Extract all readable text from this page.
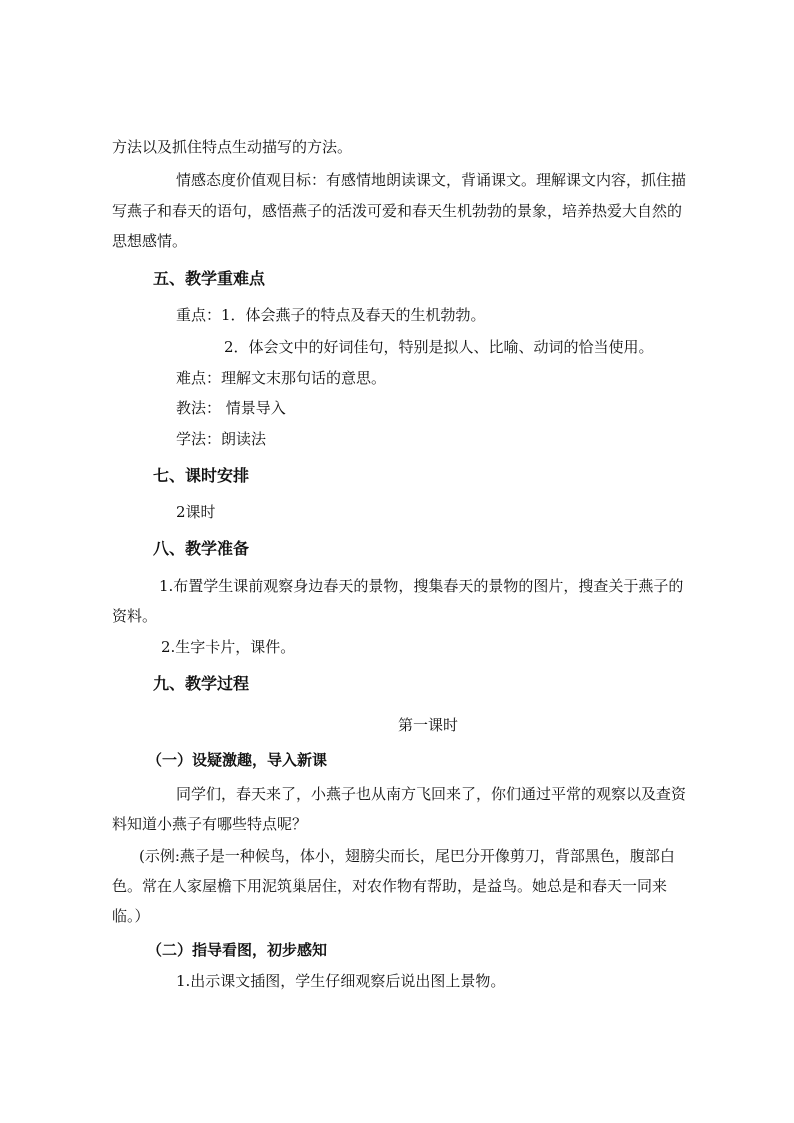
方法以及抓住特点生动描写的方法。
情感态度价值观目标：有感情地朗读课文，背诵课文。理解课文内容，抓住描
写燕子和春天的语句，感悟燕子的活泼可爱和春天生机勃勃的景象，培养热爱大自然的
思想感情。
五、教学重难点
重点：1．体会燕子的特点及春天的生机勃勃。
2．体会文中的好词佳句，特别是拟人、比喻、动词的恰当使用。
难点：理解文末那句话的意思。
教法： 情景导入
学法：朗读法
七、课时安排
2课时
八、教学准备
1.布置学生课前观察身边春天的景物，搜集春天的景物的图片，搜查关于燕子的
资料。
2.生字卡片，课件。
九、教学过程
第一课时
（一）设疑激趣，导入新课
同学们，春天来了，小燕子也从南方飞回来了，你们通过平常的观察以及查资
料知道小燕子有哪些特点呢？
(示例:燕子是一种候鸟，体小，翅膀尖而长，尾巴分开像剪刀，背部黑色，腹部白
色。常在人家屋檐下用泥筑巢居住，对农作物有帮助，是益鸟。她总是和春天一同来
临。）
（二）指导看图，初步感知
1.出示课文插图，学生仔细观察后说出图上景物。
